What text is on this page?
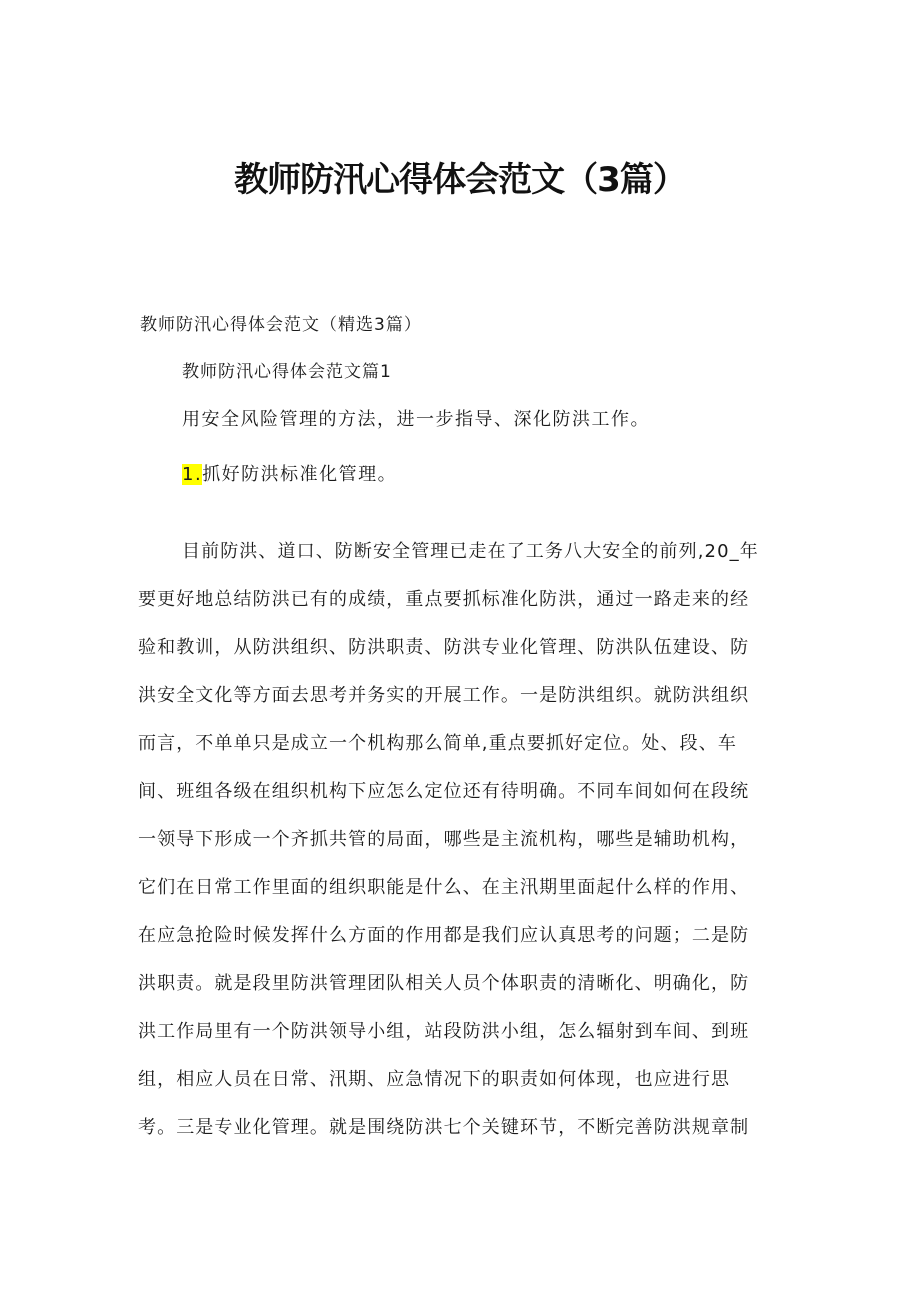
教师防汛心得体会范文（3篇）

教师防汛心得体会范文（精选3篇）

教师防汛心得体会范文篇1

用安全风险管理的方法，进一步指导、深化防洪工作。

1.抓好防洪标准化管理。

目前防洪、道口、防断安全管理已走在了工务八大安全的前列,20_年
要更好地总结防洪已有的成绩，重点要抓标准化防洪，通过一路走来的经
验和教训，从防洪组织、防洪职责、防洪专业化管理、防洪队伍建设、防
洪安全文化等方面去思考并务实的开展工作。一是防洪组织。就防洪组织
而言，不单单只是成立一个机构那么简单,重点要抓好定位。处、段、车
间、班组各级在组织机构下应怎么定位还有待明确。不同车间如何在段统
一领导下形成一个齐抓共管的局面，哪些是主流机构，哪些是辅助机构，
它们在日常工作里面的组织职能是什么、在主汛期里面起什么样的作用、
在应急抢险时候发挥什么方面的作用都是我们应认真思考的问题；二是防
洪职责。就是段里防洪管理团队相关人员个体职责的清晰化、明确化，防
洪工作局里有一个防洪领导小组，站段防洪小组，怎么辐射到车间、到班
组，相应人员在日常、汛期、应急情况下的职责如何体现，也应进行思
考。三是专业化管理。就是围绕防洪七个关键环节，不断完善防洪规章制
